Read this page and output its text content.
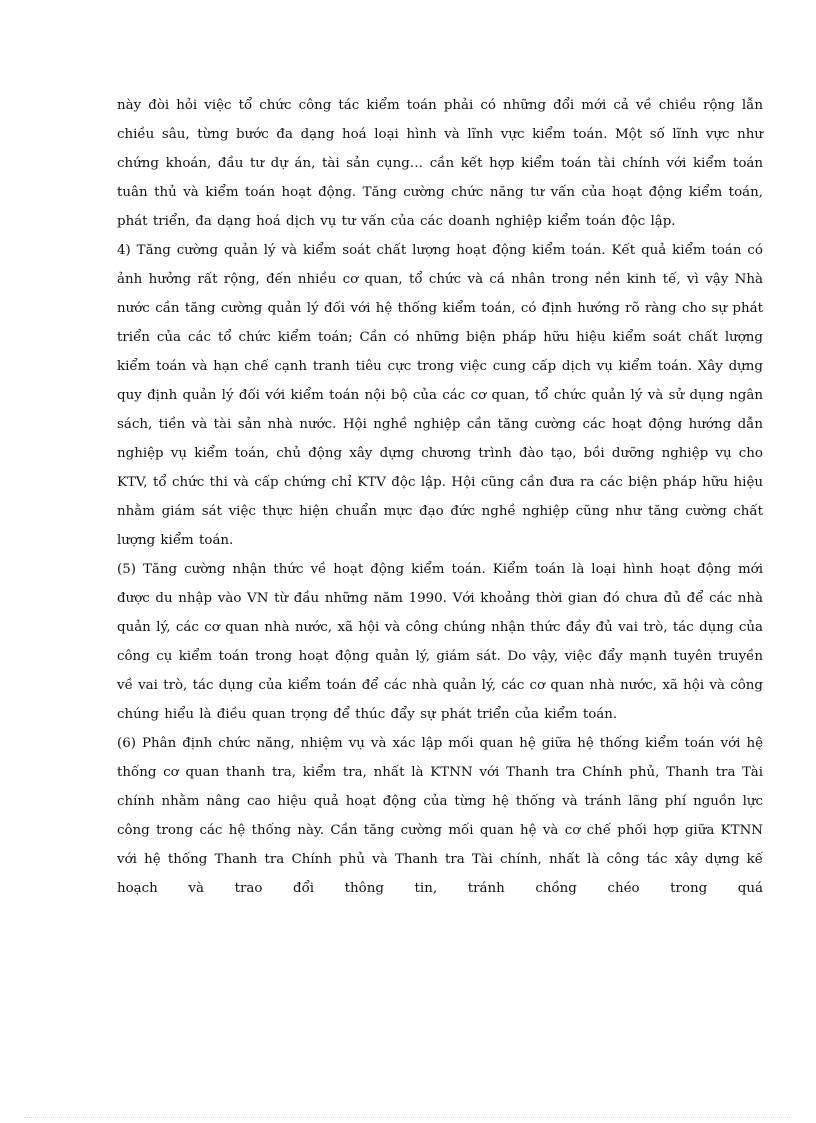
này đòi hỏi việc tổ chức công tác kiểm toán phải có những đổi mới cả về chiều rộng lẫn chiều sâu, từng bước đa dạng hoá loại hình và lĩnh vực kiểm toán. Một số lĩnh vực như chứng khoán, đầu tư dự án, tài sản cụng… cần kết hợp kiểm toán tài chính với kiểm toán tuân thủ và kiểm toán hoạt động. Tăng cường chức năng tư vấn của hoạt động kiểm toán, phát triển, đa dạng hoá dịch vụ tư vấn của các doanh nghiệp kiểm toán độc lập.

4) Tăng cường quản lý và kiểm soát chất lượng hoạt động kiểm toán. Kết quả kiểm toán có ảnh hưởng rất rộng, đến nhiều cơ quan, tổ chức và cá nhân trong nền kinh tế, vì vậy Nhà nước cần tăng cường quản lý đối với hệ thống kiểm toán, có định hướng rõ ràng cho sự phát triển của các tổ chức kiểm toán; Cần có những biện pháp hữu hiệu kiểm soát chất lượng kiểm toán và hạn chế cạnh tranh tiêu cực trong việc cung cấp dịch vụ kiểm toán. Xây dựng quy định quản lý đối với kiểm toán nội bộ của các cơ quan, tổ chức quản lý và sử dụng ngân sách, tiền và tài sản nhà nước. Hội nghề nghiệp cần tăng cường các hoạt động hướng dẫn nghiệp vụ kiểm toán, chủ động xây dựng chương trình đào tạo, bồi dưỡng nghiệp vụ cho KTV, tổ chức thi và cấp chứng chỉ KTV độc lập. Hội cũng cần đưa ra các biện pháp hữu hiệu nhằm giám sát việc thực hiện chuẩn mực đạo đức nghề nghiệp cũng như tăng cường chất lượng kiểm toán.

(5) Tăng cường nhận thức về hoạt động kiểm toán. Kiểm toán là loại hình hoạt động mới được du nhập vào VN từ đầu những năm 1990. Với khoảng thời gian đó chưa đủ để các nhà quản lý, các cơ quan nhà nước, xã hội và công chúng nhận thức đầy đủ vai trò, tác dụng của công cụ kiểm toán trong hoạt động quản lý, giám sát. Do vậy, việc đẩy mạnh tuyên truyền về vai trò, tác dụng của kiểm toán để các nhà quản lý, các cơ quan nhà nước, xã hội và công chúng hiểu là điều quan trọng để thúc đẩy sự phát triển của kiểm toán.

(6) Phân định chức năng, nhiệm vụ và xác lập mối quan hệ giữa hệ thống kiểm toán với hệ thống cơ quan thanh tra, kiểm tra, nhất là KTNN với Thanh tra Chính phủ, Thanh tra Tài chính nhằm nâng cao hiệu quả hoạt động của từng hệ thống và tránh lãng phí nguồn lực công trong các hệ thống này. Cần tăng cường mối quan hệ và cơ chế phối hợp giữa KTNN với hệ thống Thanh tra Chính phủ và Thanh tra Tài chính, nhất là công tác xây dựng kế hoạch và trao đổi thông tin, tránh chồng chéo trong quá
